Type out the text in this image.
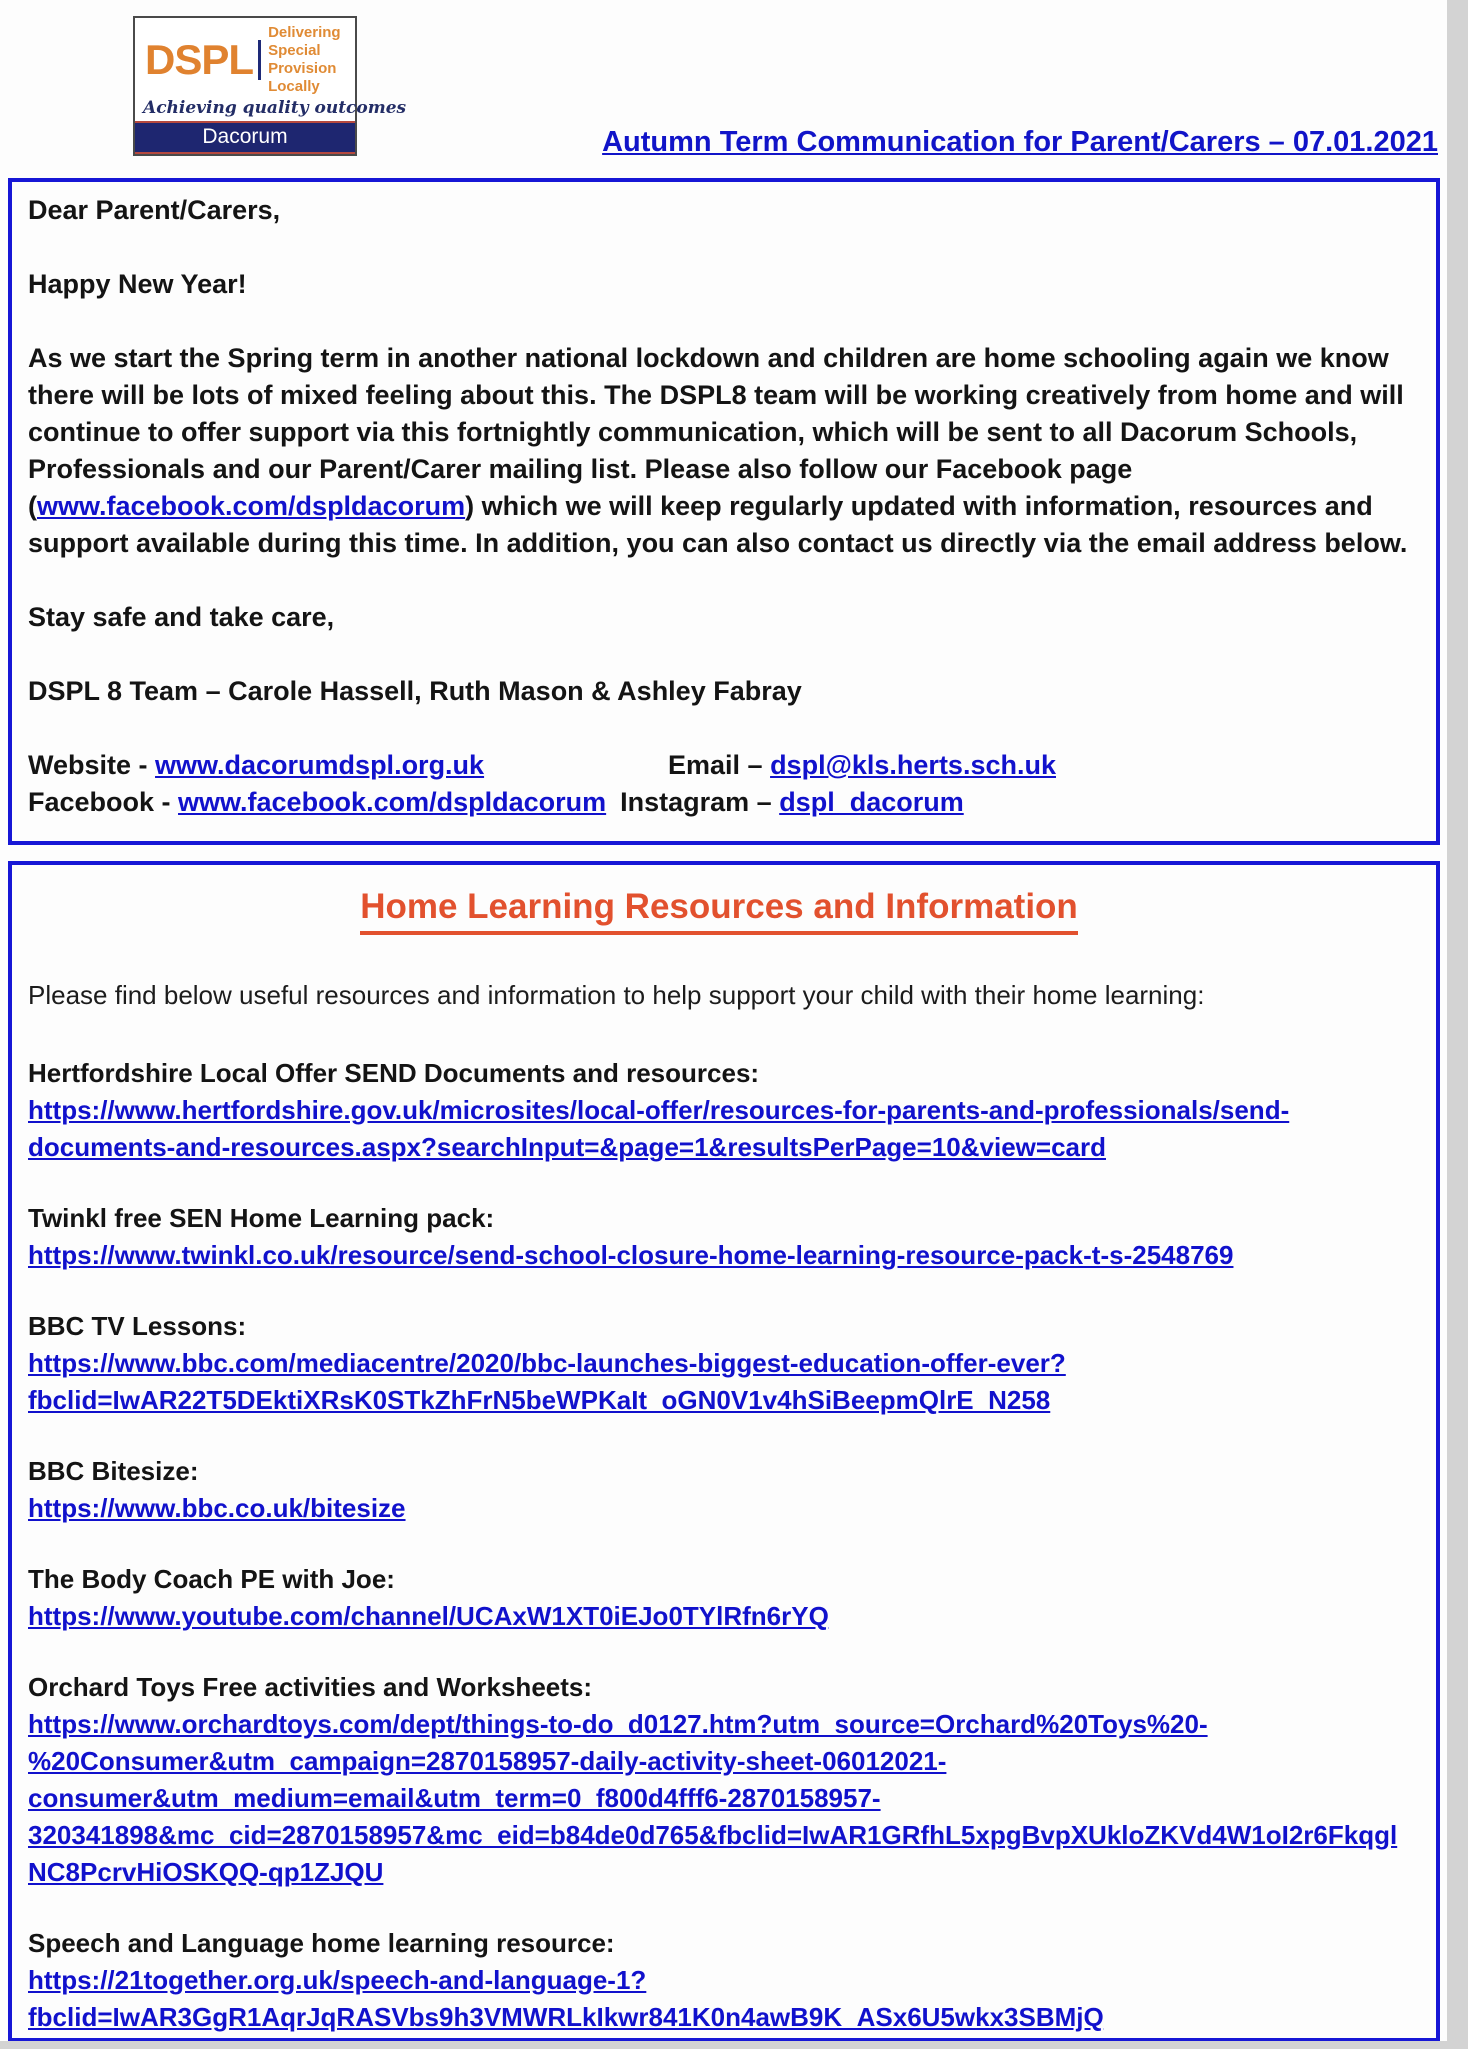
DSPL
Delivering Special
Provision Locally
Achieving quality outcomes
Dacorum	Autumn Term Communication for Parent/Carers – 07.01.2021

Dear Parent/Carers,

Happy New Year!

As we start the Spring term in another national lockdown and children are home schooling again we know there will be lots of mixed feeling about this. The DSPL8 team will be working creatively from home and will continue to offer support via this fortnightly communication, which will be sent to all Dacorum Schools, Professionals and our Parent/Carer mailing list. Please also follow our Facebook page (www.facebook.com/dspldacorum) which we will keep regularly updated with information, resources and support available during this time. In addition, you can also contact us directly via the email address below.

Stay safe and take care,

DSPL 8 Team – Carole Hassell, Ruth Mason & Ashley Fabray

Website - www.dacorumdspl.org.uk	Email – dspl@kls.herts.sch.uk
Facebook - www.facebook.com/dspldacorum Instagram – dspl_dacorum
Home Learning Resources and Information

Please find below useful resources and information to help support your child with their home learning:

Hertfordshire Local Offer SEND Documents and resources:
https://www.hertfordshire.gov.uk/microsites/local-offer/resources-for-parents-and-professionals/send-documents-and-resources.aspx?searchInput=&page=1&resultsPerPage=10&view=card
Twinkl free SEN Home Learning pack:
https://www.twinkl.co.uk/resource/send-school-closure-home-learning-resource-pack-t-s-2548769
BBC TV Lessons:
https://www.bbc.com/mediacentre/2020/bbc-launches-biggest-education-offer-ever?fbclid=IwAR22T5DEktiXRsK0STkZhFrN5beWPKaIt_oGN0V1v4hSiBeepmQlrE_N258
BBC Bitesize:
https://www.bbc.co.uk/bitesize
The Body Coach PE with Joe:
https://www.youtube.com/channel/UCAxW1XT0iEJo0TYlRfn6rYQ
Orchard Toys Free activities and Worksheets:
https://www.orchardtoys.com/dept/things-to-do_d0127.htm?utm_source=Orchard%20Toys%20-%20Consumer&utm_campaign=2870158957-daily-activity-sheet-06012021-consumer&utm_medium=email&utm_term=0_f800d4fff6-2870158957-320341898&mc_cid=2870158957&mc_eid=b84de0d765&fbclid=IwAR1GRfhL5xpgBvpXUkloZKVd4W1oI2r6FkqglNC8PcrvHiOSKQQ-qp1ZJQU
Speech and Language home learning resource:
https://21together.org.uk/speech-and-language-1?fbclid=IwAR3GgR1AqrJqRASVbs9h3VMWRLkIkwr841K0n4awB9K_ASx6U5wkx3SBMjQ
